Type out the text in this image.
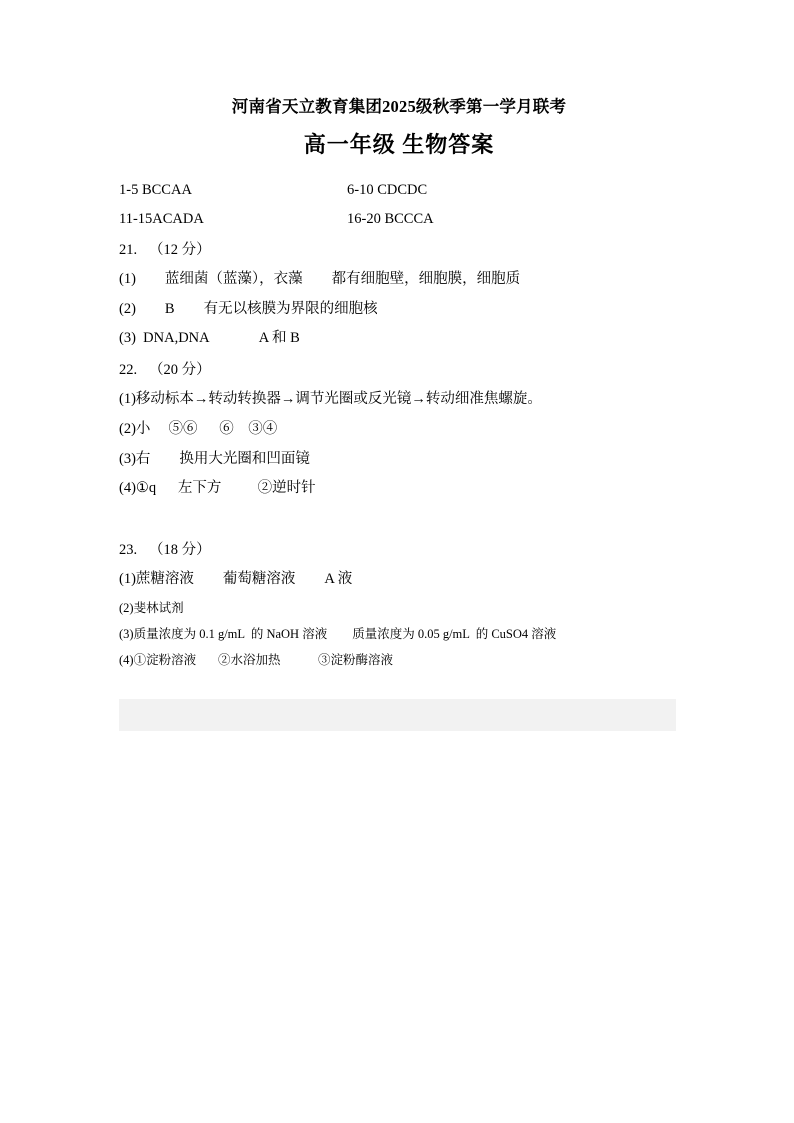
河南省天立教育集团2025级秋季第一学月联考
高一年级 生物答案
1-5 BCCAA	6-10 CDCDC
11-15ACADA	16-20 BCCCA
21. （12 分）
(1)        蓝细菌（蓝藻），衣藻        都有细胞壁，细胞膜，细胞质
(2)        B        有无以核膜为界限的细胞核
(3)  DNA,DNA              A 和 B
22. （20 分）
(1)移动标本→转动转换器→调节光圈或反光镜→转动细准焦螺旋。
(2)小     ⑤⑥      ⑥    ③④
(3)右        换用大光圈和凹面镜
(4)①q      左下方          ②逆时针
23. （18 分）
(1)蔗糖溶液        葡萄糖溶液        A 液
(2)斐林试剂
(3)质量浓度为 0.1 g/mL  的 NaOH 溶液        质量浓度为 0.05 g/mL  的 CuSO4 溶液
(4)①淀粉溶液       ②水浴加热            ③淀粉酶溶液
